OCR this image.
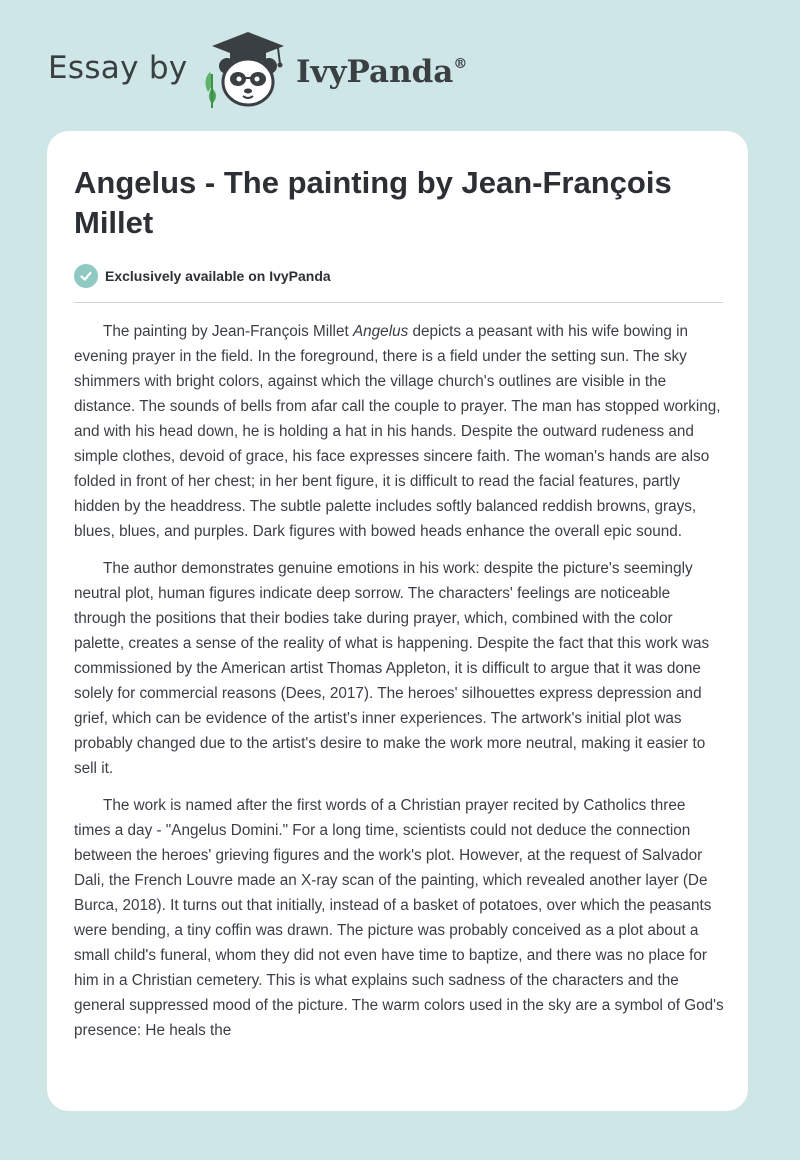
Essay by	IvyPanda®
Angelus - The painting by Jean-François Millet
Exclusively available on IvyPanda

The painting by Jean-François Millet Angelus depicts a peasant with his wife bowing in evening prayer in the field. In the foreground, there is a field under the setting sun. The sky shimmers with bright colors, against which the village church's outlines are visible in the distance. The sounds of bells from afar call the couple to prayer. The man has stopped working, and with his head down, he is holding a hat in his hands. Despite the outward rudeness and simple clothes, devoid of grace, his face expresses sincere faith. The woman's hands are also folded in front of her chest; in her bent figure, it is difficult to read the facial features, partly hidden by the headdress. The subtle palette includes softly balanced reddish browns, grays, blues, blues, and purples. Dark figures with bowed heads enhance the overall epic sound.

The author demonstrates genuine emotions in his work: despite the picture's seemingly neutral plot, human figures indicate deep sorrow. The characters' feelings are noticeable through the positions that their bodies take during prayer, which, combined with the color palette, creates a sense of the reality of what is happening. Despite the fact that this work was commissioned by the American artist Thomas Appleton, it is difficult to argue that it was done solely for commercial reasons (Dees, 2017). The heroes' silhouettes express depression and grief, which can be evidence of the artist's inner experiences. The artwork's initial plot was probably changed due to the artist's desire to make the work more neutral, making it easier to sell it.

The work is named after the first words of a Christian prayer recited by Catholics three times a day - "Angelus Domini." For a long time, scientists could not deduce the connection between the heroes' grieving figures and the work's plot. However, at the request of Salvador Dali, the French Louvre made an X-ray scan of the painting, which revealed another layer (De Burca, 2018). It turns out that initially, instead of a basket of potatoes, over which the peasants were bending, a tiny coffin was drawn. The picture was probably conceived as a plot about a small child's funeral, whom they did not even have time to baptize, and there was no place for him in a Christian cemetery. This is what explains such sadness of the characters and the general suppressed mood of the picture. The warm colors used in the sky are a symbol of God's presence: He heals the
